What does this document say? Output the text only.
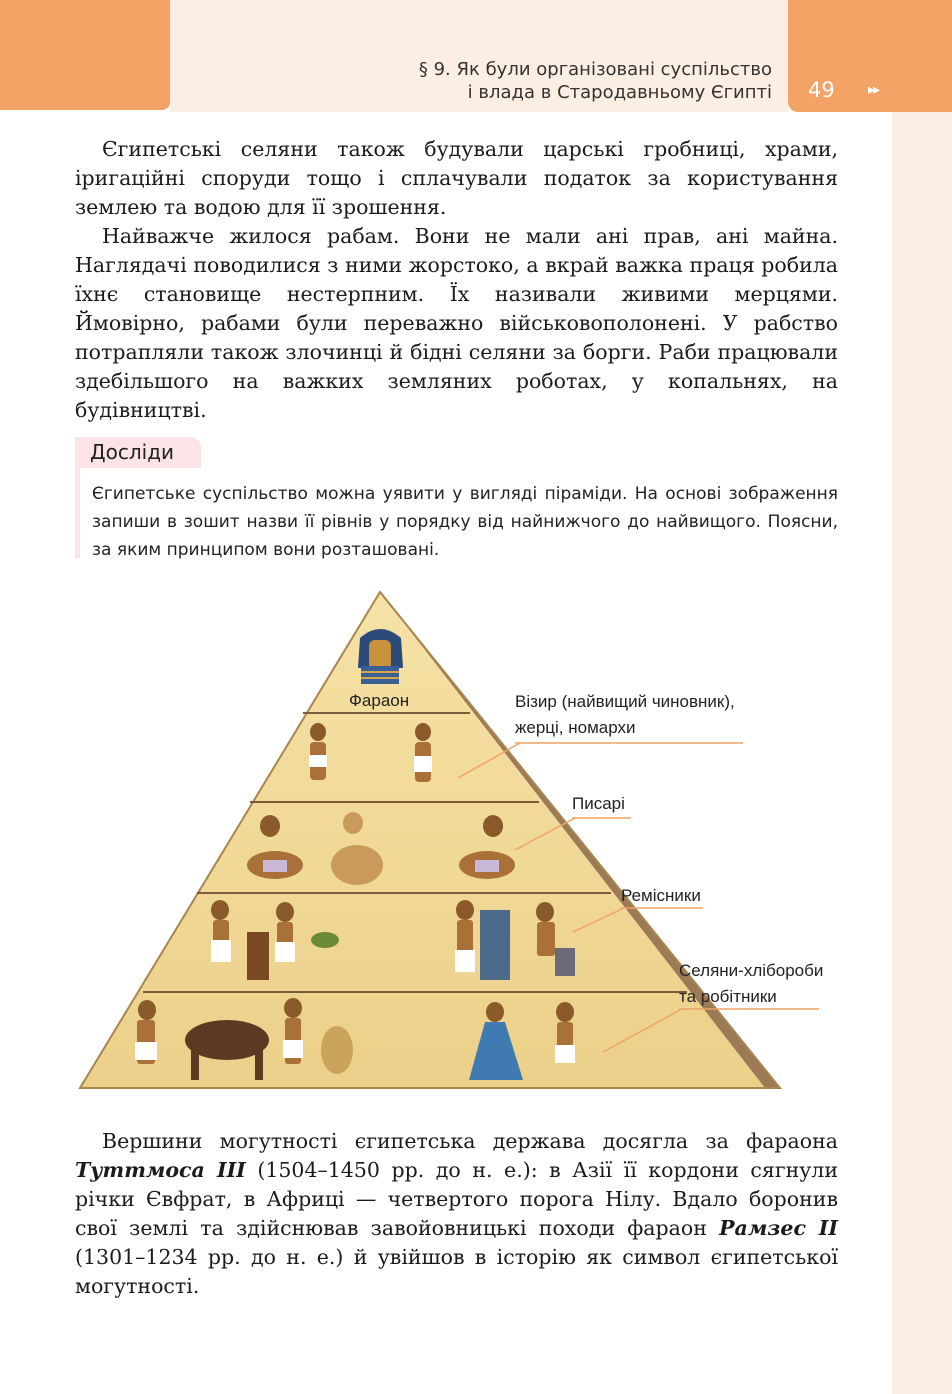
§ 9. Як були організовані суспільство
і влада в Стародавньому Єгипті 49 ▸▸

Єгипетські селяни також будували царські гробниці, храми, іригаційні споруди тощо і сплачували податок за користування землею та водою для її зрошення.

Найважче жилося рабам. Вони не мали ані прав, ані майна. Наглядачі поводилися з ними жорстоко, а вкрай важка праця робила їхнє становище нестерпним. Їх називали живими мерцями. Ймовірно, рабами були переважно військовополонені. У рабство потрапляли також злочинці й бідні селяни за борги. Раби працювали здебільшого на важких земляних роботах, у копальнях, на будівництві.

Досліди

Єгипетське суспільство можна уявити у вигляді піраміди. На основі зображення запиши в зошит назви її рівнів у порядку від найнижчого до найвищого. Поясни, за яким принципом вони розташовані.

Фараон	Візир (найвищий чиновник),
жерці, номархи
Писарі
Ремісники
Селяни-хлібороби
та робітники

Вершини могутності єгипетська держава досягла за фараона Туттмоса ІІІ (1504–1450 рр. до н. е.): в Азії її кордони сягнули річки Євфрат, в Африці — четвертого порога Нілу. Вдало боронив свої землі та здійснював завойовницькі походи фараон Рамзес ІІ (1301–1234 рр. до н. е.) й увійшов в історію як символ єгипетської могутності.
